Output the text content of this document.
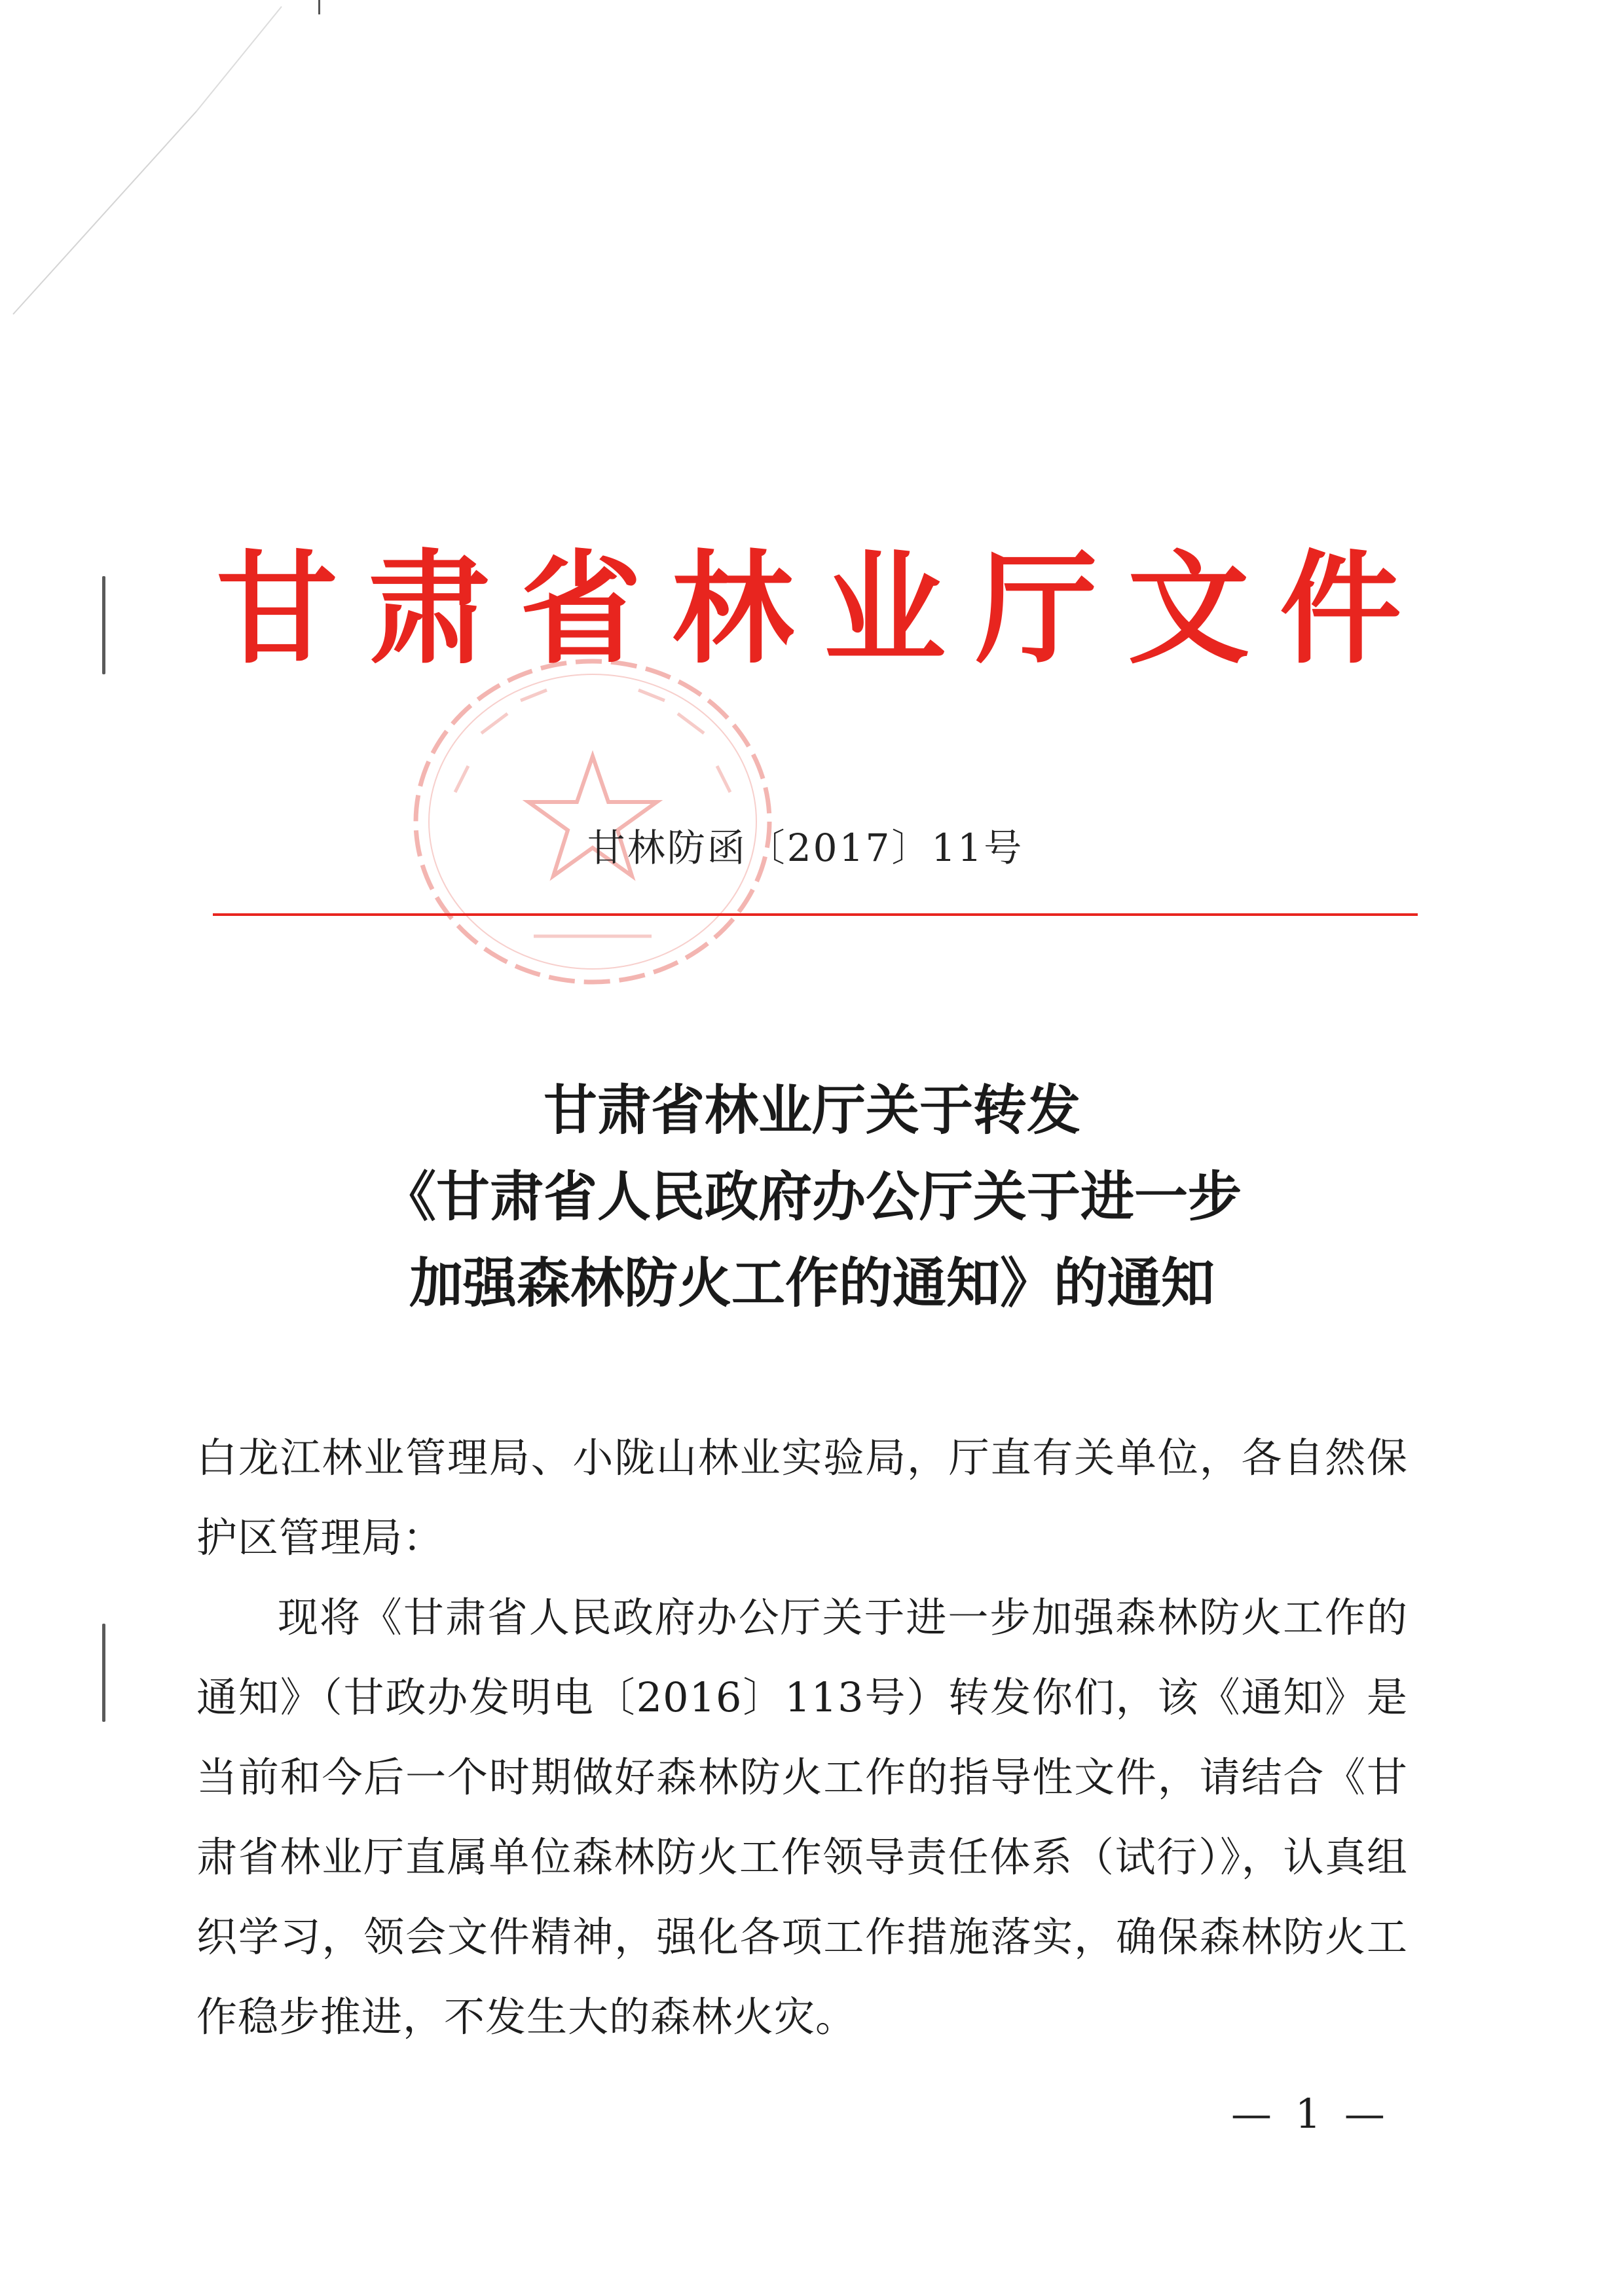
甘肃省林业厅文件
甘林防函〔2017〕11号
甘肃省林业厅关于转发
《甘肃省人民政府办公厅关于进一步
加强森林防火工作的通知》的通知

白龙江林业管理局、小陇山林业实验局，厅直有关单位，各自然保护区管理局：

现将《甘肃省人民政府办公厅关于进一步加强森林防火工作的通知》（甘政办发明电〔2016〕113号）转发你们，该《通知》是当前和今后一个时期做好森林防火工作的指导性文件，请结合《甘肃省林业厅直属单位森林防火工作领导责任体系（试行）》，认真组织学习，领会文件精神，强化各项工作措施落实，确保森林防火工作稳步推进，不发生大的森林火灾。

— 1 —
